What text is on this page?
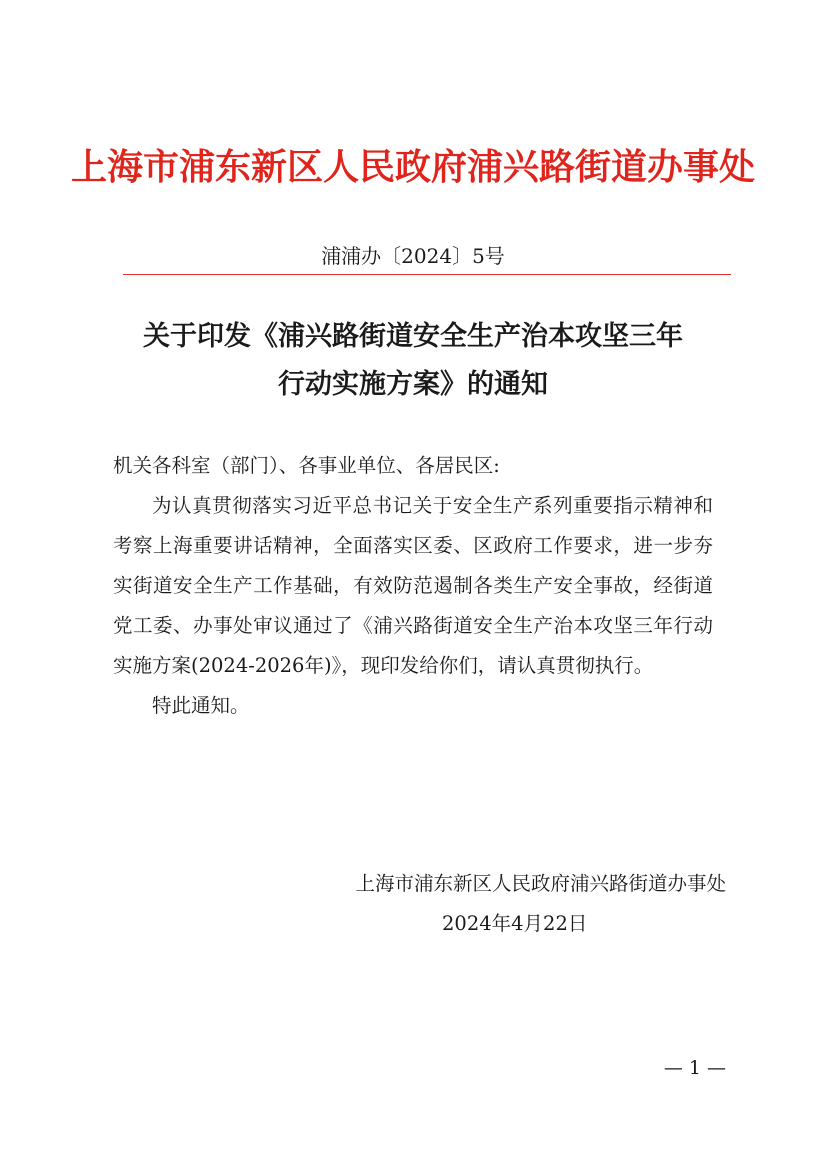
上海市浦东新区人民政府浦兴路街道办事处
浦浦办〔2024〕5号
关于印发《浦兴路街道安全生产治本攻坚三年
行动实施方案》的通知

机关各科室（部门）、各事业单位、各居民区:

为认真贯彻落实习近平总书记关于安全生产系列重要指示精神和考察上海重要讲话精神，全面落实区委、区政府工作要求，进一步夯实街道安全生产工作基础，有效防范遏制各类生产安全事故，经街道党工委、办事处审议通过了《浦兴路街道安全生产治本攻坚三年行动实施方案(2024-2026年)》，现印发给你们，请认真贯彻执行。

特此通知。

上海市浦东新区人民政府浦兴路街道办事处
2024年4月22日
— 1 —
